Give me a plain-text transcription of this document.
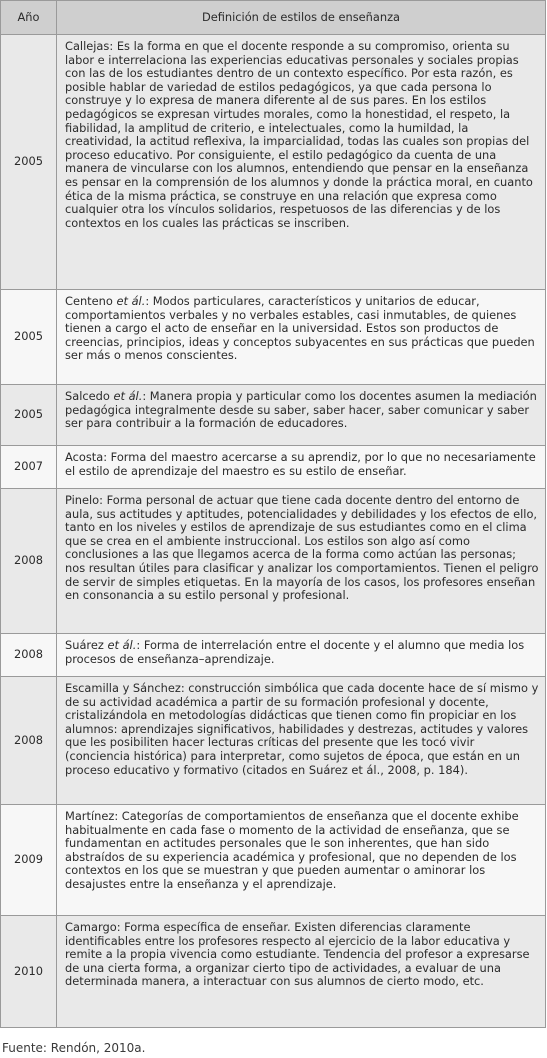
Año	Definición de estilos de enseñanza
2005	Callejas: Es la forma en que el docente responde a su compromiso, orienta su labor e interrelaciona las experiencias educativas personales y sociales propias con las de los estudiantes dentro de un contexto específico. Por esta razón, es posible hablar de variedad de estilos pedagógicos, ya que cada persona lo construye y lo expresa de manera diferente al de sus pares. En los estilos pedagógicos se expresan virtudes morales, como la honestidad, el respeto, la fiabilidad, la amplitud de criterio, e intelectuales, como la humildad, la creatividad, la actitud reflexiva, la imparcialidad, todas las cuales son propias del proceso educativo. Por consiguiente, el estilo pedagógico da cuenta de una manera de vincularse con los alumnos, entendiendo que pensar en la enseñanza es pensar en la comprensión de los alumnos y donde la práctica moral, en cuanto ética de la misma práctica, se construye en una relación que expresa como cualquier otra los vínculos solidarios, respetuosos de las diferencias y de los contextos en los cuales las prácticas se inscriben.
2005	Centeno et ál.: Modos particulares, característicos y unitarios de educar, comportamientos verbales y no verbales estables, casi inmutables, de quienes tienen a cargo el acto de enseñar en la universidad. Estos son productos de creencias, principios, ideas y conceptos subyacentes en sus prácticas que pueden ser más o menos conscientes.
2005	Salcedo et ál.: Manera propia y particular como los docentes asumen la mediación pedagógica integralmente desde su saber, saber hacer, saber comunicar y saber ser para contribuir a la formación de educadores.
2007	Acosta: Forma del maestro acercarse a su aprendiz, por lo que no necesariamente el estilo de aprendizaje del maestro es su estilo de enseñar.
2008	Pinelo: Forma personal de actuar que tiene cada docente dentro del entorno de aula, sus actitudes y aptitudes, potencialidades y debilidades y los efectos de ello, tanto en los niveles y estilos de aprendizaje de sus estudiantes como en el clima que se crea en el ambiente instruccional. Los estilos son algo así como conclusiones a las que llegamos acerca de la forma como actúan las personas; nos resultan útiles para clasificar y analizar los comportamientos. Tienen el peligro de servir de simples etiquetas. En la mayoría de los casos, los profesores enseñan en consonancia a su estilo personal y profesional.
2008	Suárez et ál.: Forma de interrelación entre el docente y el alumno que media los procesos de enseñanza–aprendizaje.
2008	Escamilla y Sánchez: construcción simbólica que cada docente hace de sí mismo y de su actividad académica a partir de su formación profesional y docente, cristalizándola en metodologías didácticas que tienen como fin propiciar en los alumnos: aprendizajes significativos, habilidades y destrezas, actitudes y valores que les posibiliten hacer lecturas críticas del presente que les tocó vivir (conciencia histórica) para interpretar, como sujetos de época, que están en un proceso educativo y formativo (citados en Suárez et ál., 2008, p. 184).
2009	Martínez: Categorías de comportamientos de enseñanza que el docente exhibe habitualmente en cada fase o momento de la actividad de enseñanza, que se fundamentan en actitudes personales que le son inherentes, que han sido abstraídos de su experiencia académica y profesional, que no dependen de los contextos en los que se muestran y que pueden aumentar o aminorar los desajustes entre la enseñanza y el aprendizaje.
2010	Camargo: Forma específica de enseñar. Existen diferencias claramente identificables entre los profesores respecto al ejercicio de la labor educativa y remite a la propia vivencia como estudiante. Tendencia del profesor a expresarse de una cierta forma, a organizar cierto tipo de actividades, a evaluar de una determinada manera, a interactuar con sus alumnos de cierto modo, etc.
Fuente: Rendón, 2010a.
